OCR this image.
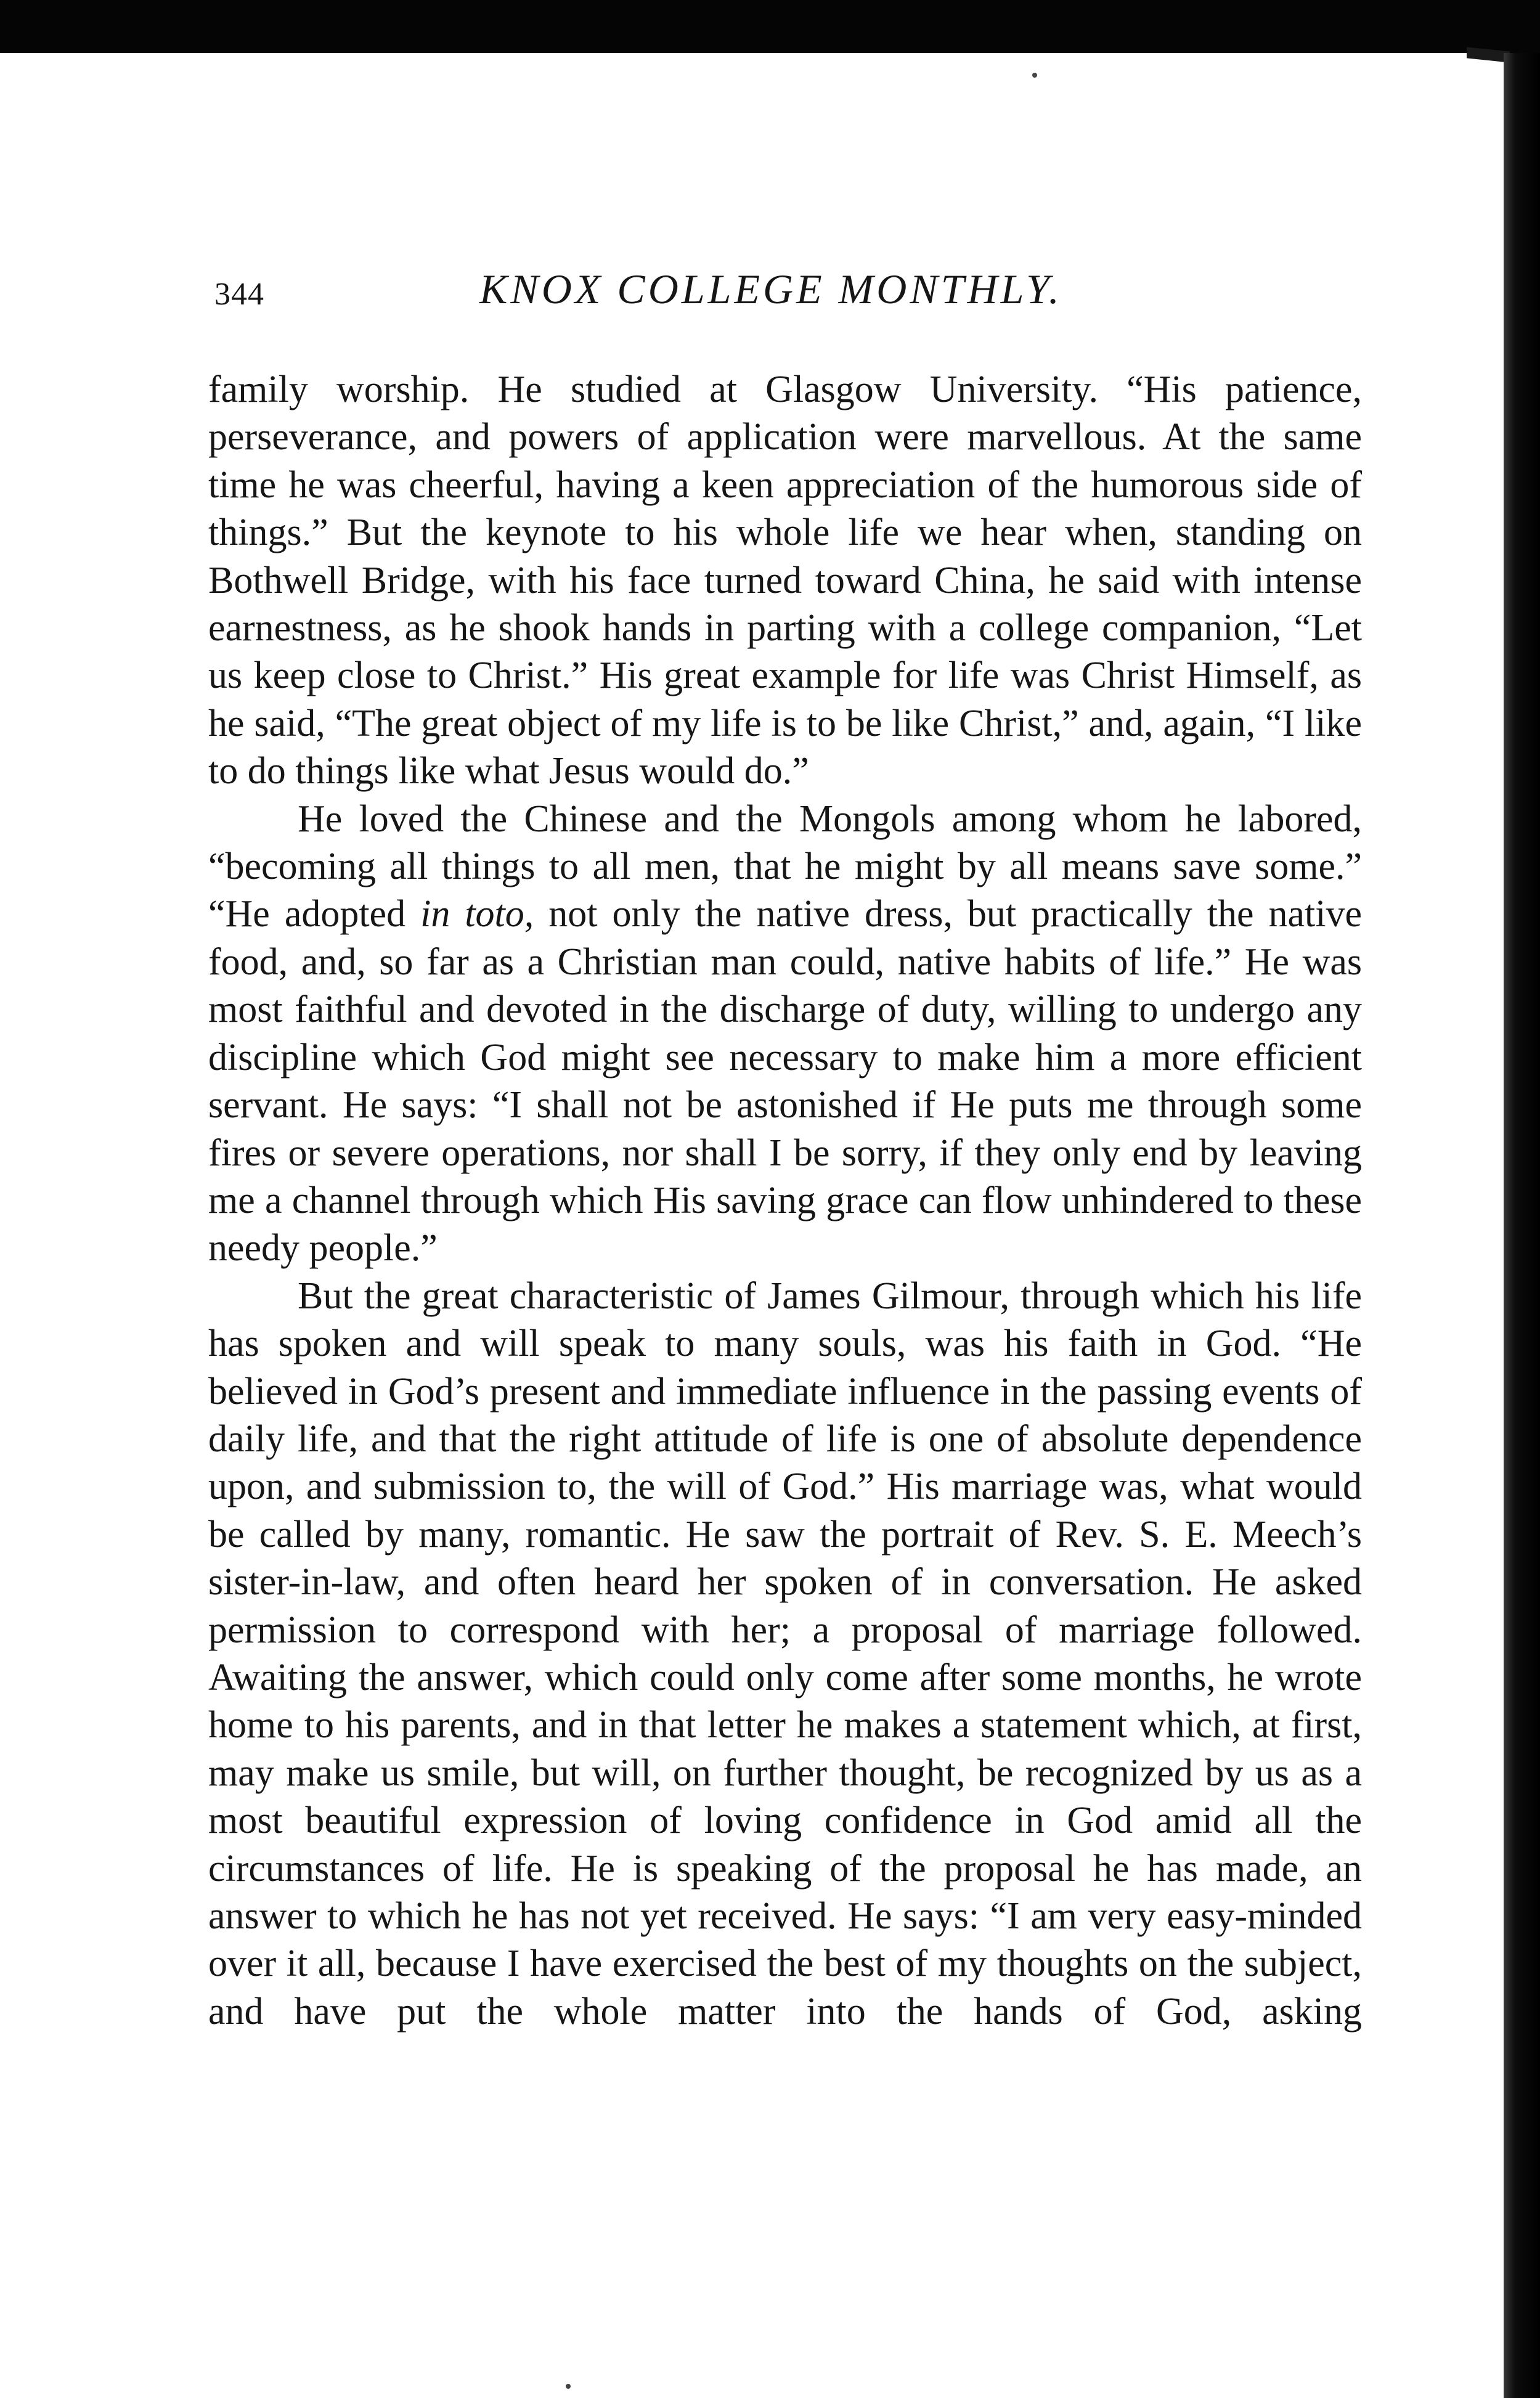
344	KNOX COLLEGE MONTHLY.

family worship. He studied at Glasgow University. “His patience, perseverance, and powers of application were marvellous. At the same time he was cheerful, having a keen appreciation of the humorous side of things.” But the keynote to his whole life we hear when, standing on Bothwell Bridge, with his face turned toward China, he said with intense earnestness, as he shook hands in parting with a college companion, “Let us keep close to Christ.” His great example for life was Christ Himself, as he said, “The great object of my life is to be like Christ,” and, again, “I like to do things like what Jesus would do.”

He loved the Chinese and the Mongols among whom he labored, “becoming all things to all men, that he might by all means save some.” “He adopted in toto, not only the native dress, but practically the native food, and, so far as a Christian man could, native habits of life.” He was most faithful and devoted in the discharge of duty, willing to undergo any discipline which God might see necessary to make him a more efficient servant. He says: “I shall not be astonished if He puts me through some fires or severe operations, nor shall I be sorry, if they only end by leaving me a channel through which His saving grace can flow unhindered to these needy people.”

But the great characteristic of James Gilmour, through which his life has spoken and will speak to many souls, was his faith in God. “He believed in God’s present and immediate influence in the passing events of daily life, and that the right attitude of life is one of absolute dependence upon, and submission to, the will of God.” His marriage was, what would be called by many, romantic. He saw the portrait of Rev. S. E. Meech’s sister-in-law, and often heard her spoken of in conversation. He asked permission to correspond with her; a proposal of marriage followed. Awaiting the answer, which could only come after some months, he wrote home to his parents, and in that letter he makes a statement which, at first, may make us smile, but will, on further thought, be recognized by us as a most beautiful expression of loving confidence in God amid all the circumstances of life. He is speaking of the proposal he has made, an answer to which he has not yet received. He says: “I am very easy-minded over it all, because I have exercised the best of my thoughts on the subject, and have put the whole matter into the hands of God, asking
